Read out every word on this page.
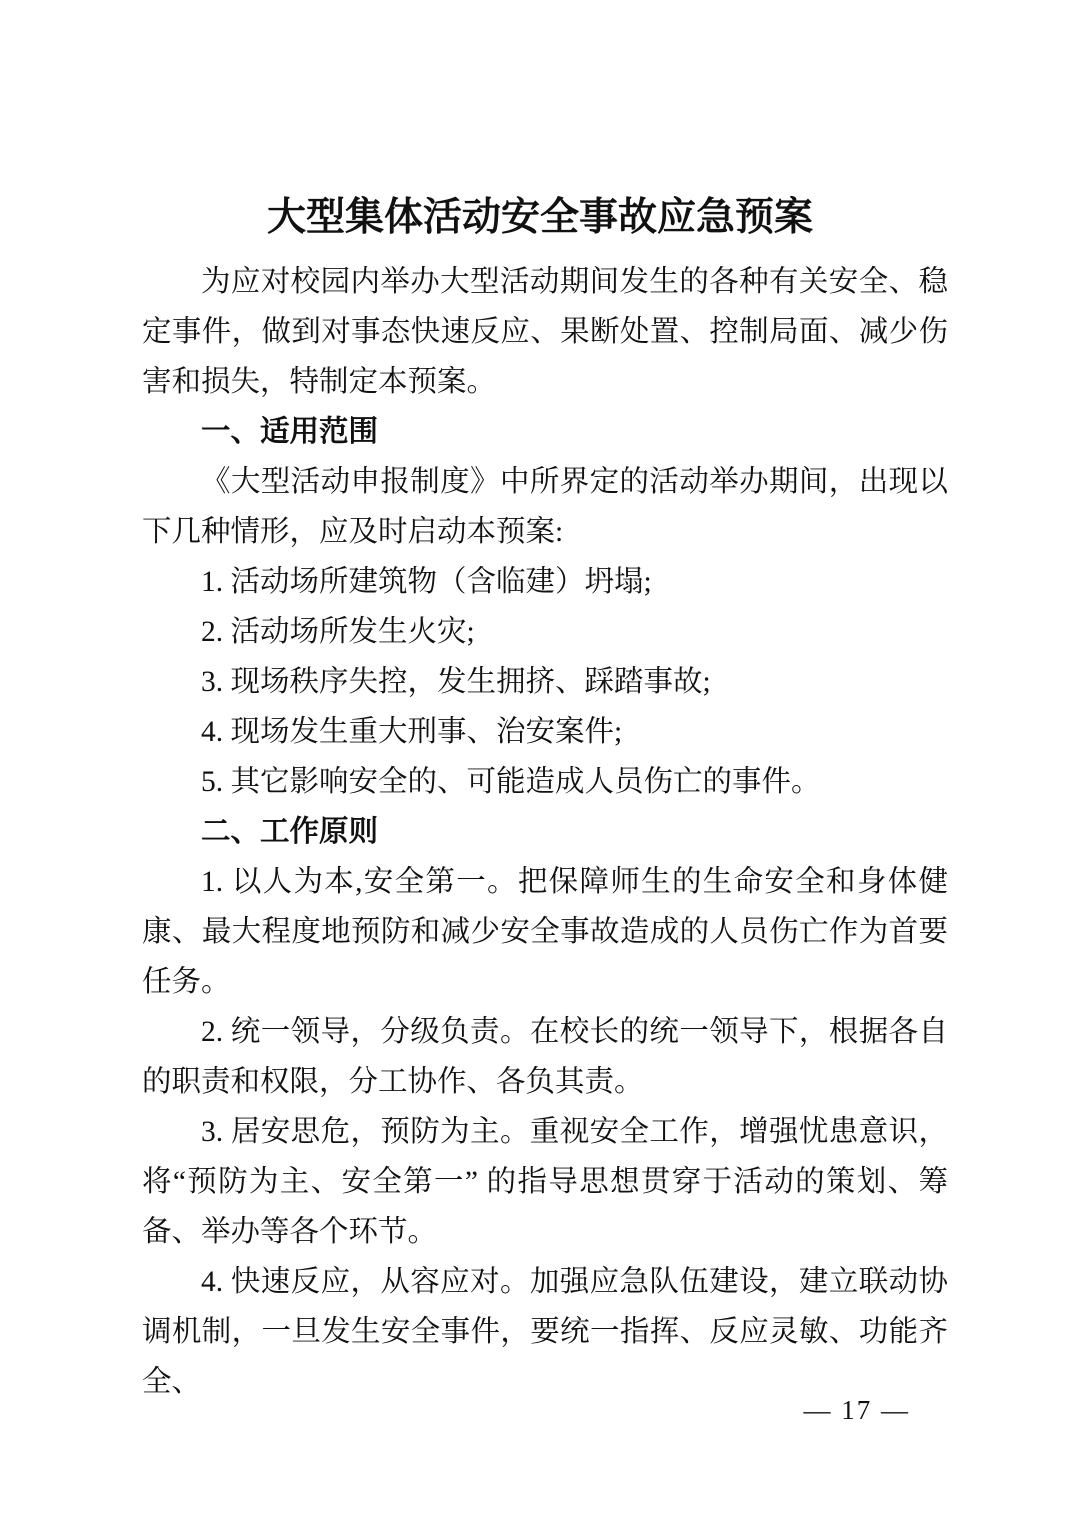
大型集体活动安全事故应急预案

为应对校园内举办大型活动期间发生的各种有关安全、稳定事件，做到对事态快速反应、果断处置、控制局面、减少伤害和损失，特制定本预案。

一、适用范围

《大型活动申报制度》中所界定的活动举办期间，出现以下几种情形，应及时启动本预案:

1. 活动场所建筑物（含临建）坍塌;

2. 活动场所发生火灾;

3. 现场秩序失控，发生拥挤、踩踏事故;

4. 现场发生重大刑事、治安案件;

5. 其它影响安全的、可能造成人员伤亡的事件。

二、工作原则

1. 以人为本,安全第一。把保障师生的生命安全和身体健康、最大程度地预防和减少安全事故造成的人员伤亡作为首要任务。

2. 统一领导，分级负责。在校长的统一领导下，根据各自的职责和权限，分工协作、各负其责。

3. 居安思危，预防为主。重视安全工作，增强忧患意识，将“预防为主、安全第一” 的指导思想贯穿于活动的策划、筹备、举办等各个环节。

4. 快速反应，从容应对。加强应急队伍建设，建立联动协调机制，一旦发生安全事件，要统一指挥、反应灵敏、功能齐全、

— 17 —
